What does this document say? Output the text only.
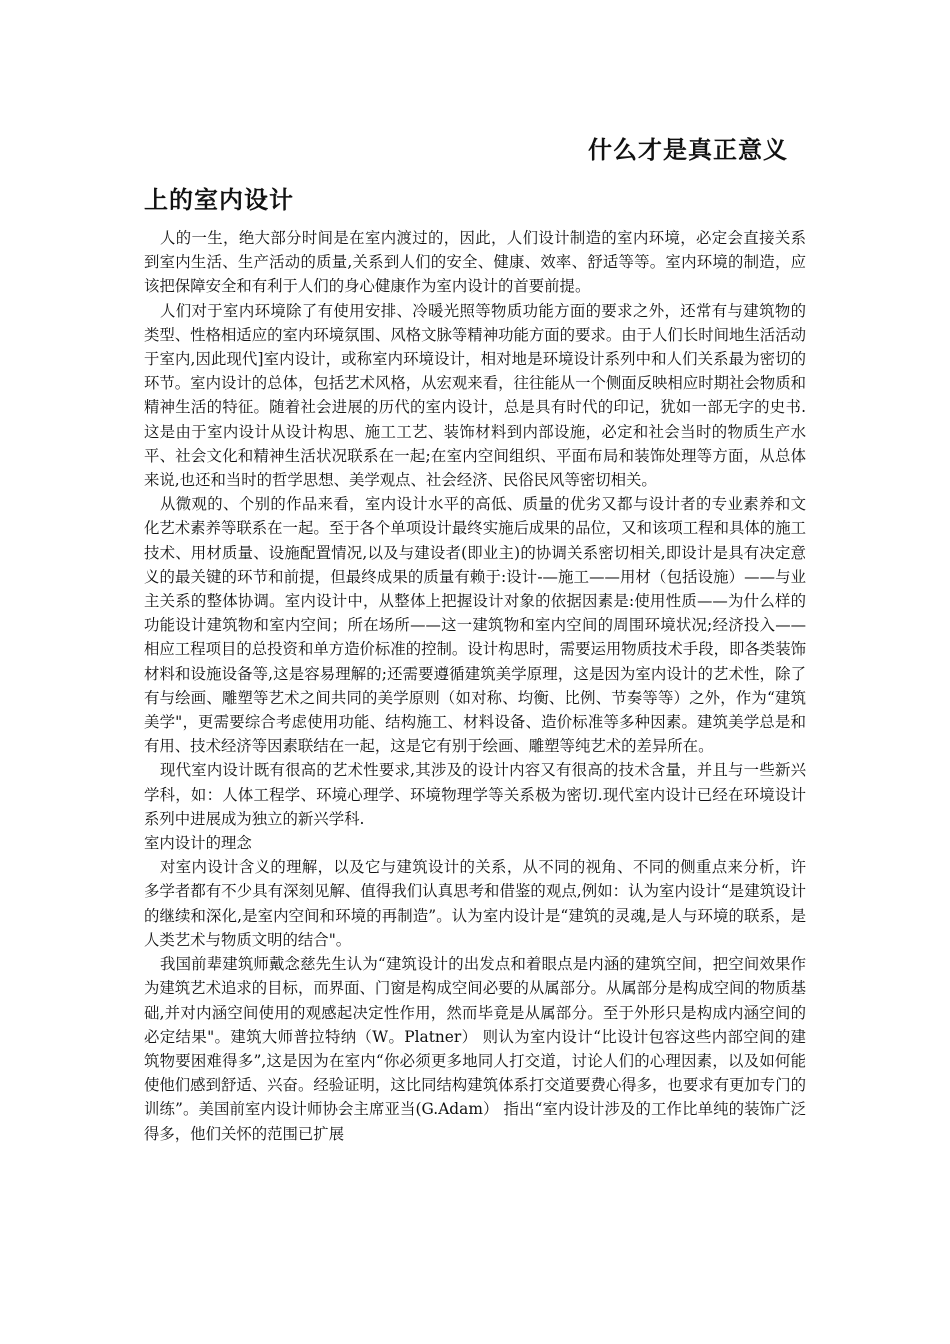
什么才是真正意义
上的室内设计

人的一生，绝大部分时间是在室内渡过的，因此，人们设计制造的室内环境，必定会直接关系到室内生活、生产活动的质量,关系到人们的安全、健康、效率、舒适等等。室内环境的制造，应该把保障安全和有利于人们的身心健康作为室内设计的首要前提。

人们对于室内环境除了有使用安排、冷暖光照等物质功能方面的要求之外，还常有与建筑物的类型、性格相适应的室内环境氛围、风格文脉等精神功能方面的要求。由于人们长时间地生活活动于室内,因此现代]室内设计，或称室内环境设计，相对地是环境设计系列中和人们关系最为密切的环节。室内设计的总体，包括艺术风格，从宏观来看，往往能从一个侧面反映相应时期社会物质和精神生活的特征。随着社会进展的历代的室内设计，总是具有时代的印记，犹如一部无字的史书.这是由于室内设计从设计构思、施工工艺、装饰材料到内部设施，必定和社会当时的物质生产水平、社会文化和精神生活状况联系在一起;在室内空间组织、平面布局和装饰处理等方面，从总体来说,也还和当时的哲学思想、美学观点、社会经济、民俗民风等密切相关。

从微观的、个别的作品来看，室内设计水平的高低、质量的优劣又都与设计者的专业素养和文化艺术素养等联系在一起。至于各个单项设计最终实施后成果的品位，又和该项工程和具体的施工技术、用材质量、设施配置情况,以及与建设者(即业主)的协调关系密切相关,即设计是具有决定意义的最关键的环节和前提，但最终成果的质量有赖于:设计-—施工——用材（包括设施）——与业主关系的整体协调。室内设计中，从整体上把握设计对象的依据因素是:使用性质——为什么样的功能设计建筑物和室内空间；所在场所——这一建筑物和室内空间的周围环境状况;经济投入——相应工程项目的总投资和单方造价标准的控制。设计构思时，需要运用物质技术手段，即各类装饰材料和设施设备等,这是容易理解的;还需要遵循建筑美学原理，这是因为室内设计的艺术性，除了有与绘画、雕塑等艺术之间共同的美学原则（如对称、均衡、比例、节奏等等）之外，作为“建筑美学"，更需要综合考虑使用功能、结构施工、材料设备、造价标准等多种因素。建筑美学总是和有用、技术经济等因素联结在一起，这是它有别于绘画、雕塑等纯艺术的差异所在。

现代室内设计既有很高的艺术性要求,其涉及的设计内容又有很高的技术含量，并且与一些新兴学科，如：人体工程学、环境心理学、环境物理学等关系极为密切.现代室内设计已经在环境设计系列中进展成为独立的新兴学科.

室内设计的理念

对室内设计含义的理解，以及它与建筑设计的关系，从不同的视角、不同的侧重点来分析，许多学者都有不少具有深刻见解、值得我们认真思考和借鉴的观点,例如：认为室内设计“是建筑设计的继续和深化,是室内空间和环境的再制造”。认为室内设计是“建筑的灵魂,是人与环境的联系，是人类艺术与物质文明的结合"。

我国前辈建筑师戴念慈先生认为“建筑设计的出发点和着眼点是内涵的建筑空间，把空间效果作为建筑艺术追求的目标，而界面、门窗是构成空间必要的从属部分。从属部分是构成空间的物质基础,并对内涵空间使用的观感起决定性作用，然而毕竟是从属部分。至于外形只是构成内涵空间的必定结果"。建筑大师普拉特纳（W。Platner） 则认为室内设计“比设计包容这些内部空间的建筑物要困难得多”,这是因为在室内“你必须更多地同人打交道，讨论人们的心理因素，以及如何能使他们感到舒适、兴奋。经验证明，这比同结构建筑体系打交道要费心得多，也要求有更加专门的训练”。美国前室内设计师协会主席亚当(G.Adam） 指出“室内设计涉及的工作比单纯的装饰广泛得多，他们关怀的范围已扩展
